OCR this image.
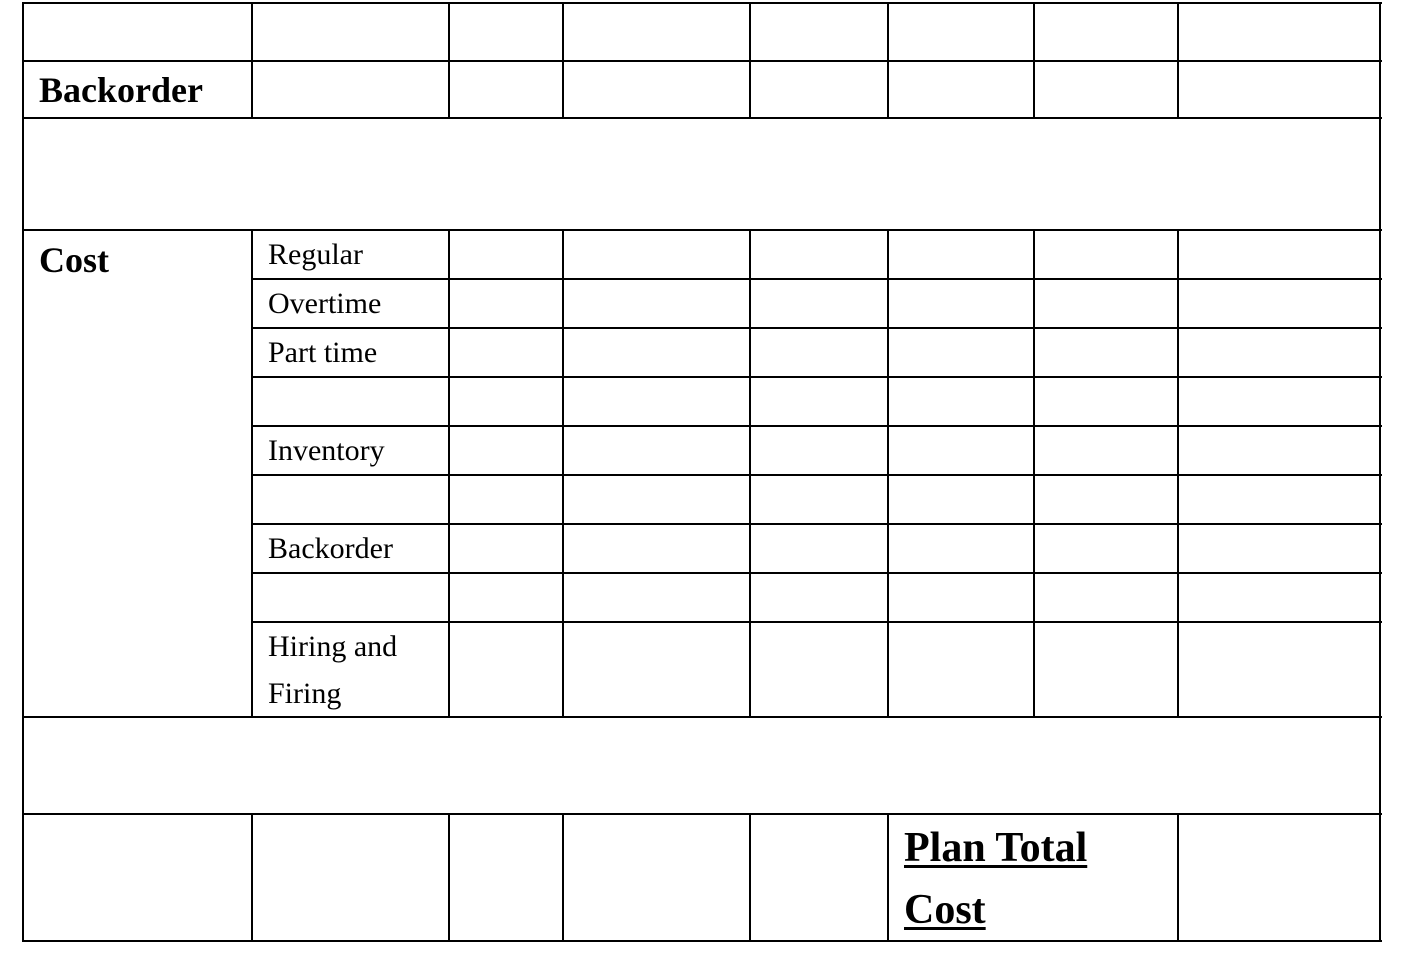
Backorder
Cost	Regular
Overtime
Part time
Inventory
Backorder
Hiring and
Firing
Plan Total
Cost
